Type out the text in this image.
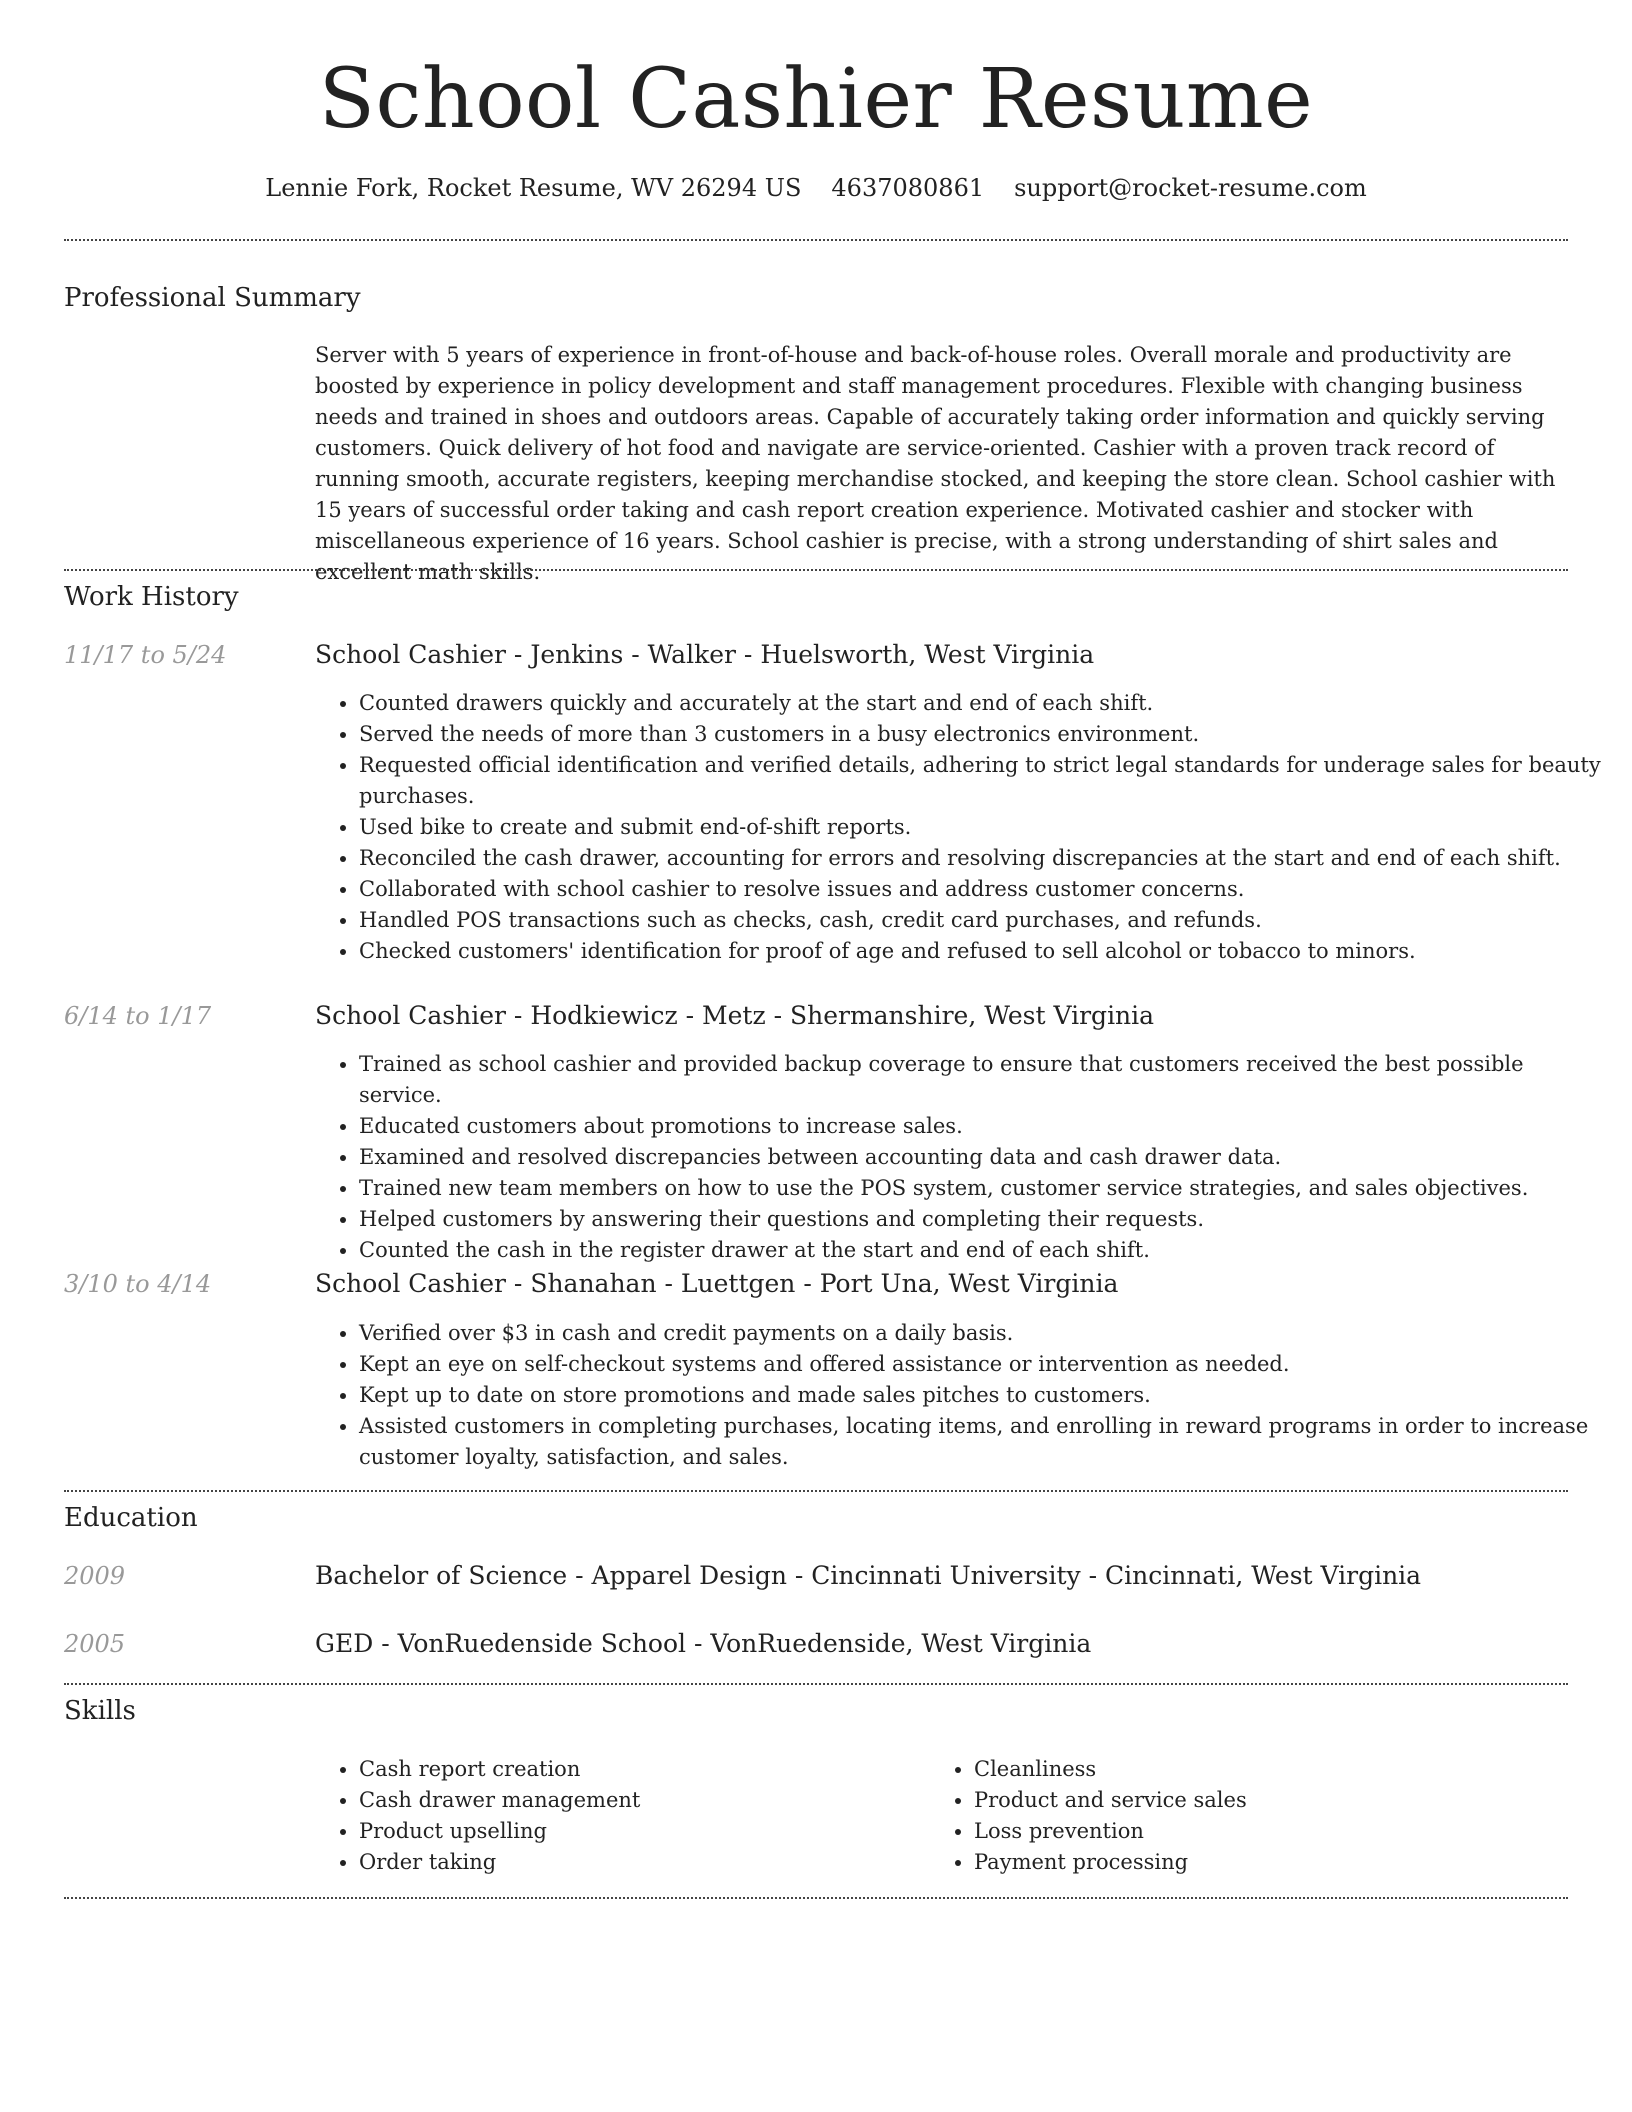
School Cashier Resume
Lennie Fork, Rocket Resume, WV 26294 US 4637080861 support@rocket-resume.com
Professional Summary

Server with 5 years of experience in front-of-house and back-of-house roles. Overall morale and productivity are boosted by experience in policy development and staff management procedures. Flexible with changing business needs and trained in shoes and outdoors areas. Capable of accurately taking order information and quickly serving customers. Quick delivery of hot food and navigate are service-oriented. Cashier with a proven track record of running smooth, accurate registers, keeping merchandise stocked, and keeping the store clean. School cashier with 15 years of successful order taking and cash report creation experience. Motivated cashier and stocker with miscellaneous experience of 16 years. School cashier is precise, with a strong understanding of shirt sales and excellent math skills.

Work History
11/17 to 5/24	School Cashier - Jenkins - Walker - Huelsworth, West Virginia
• Counted drawers quickly and accurately at the start and end of each shift.
• Served the needs of more than 3 customers in a busy electronics environment.
• Requested official identification and verified details, adhering to strict legal standards for underage sales for beauty purchases.
• Used bike to create and submit end-of-shift reports.
• Reconciled the cash drawer, accounting for errors and resolving discrepancies at the start and end of each shift.
• Collaborated with school cashier to resolve issues and address customer concerns.
• Handled POS transactions such as checks, cash, credit card purchases, and refunds.
• Checked customers' identification for proof of age and refused to sell alcohol or tobacco to minors.
6/14 to 1/17	School Cashier - Hodkiewicz - Metz - Shermanshire, West Virginia
• Trained as school cashier and provided backup coverage to ensure that customers received the best possible service.
• Educated customers about promotions to increase sales.
• Examined and resolved discrepancies between accounting data and cash drawer data.
• Trained new team members on how to use the POS system, customer service strategies, and sales objectives.
• Helped customers by answering their questions and completing their requests.
• Counted the cash in the register drawer at the start and end of each shift.
3/10 to 4/14	School Cashier - Shanahan - Luettgen - Port Una, West Virginia
• Verified over $3 in cash and credit payments on a daily basis.
• Kept an eye on self-checkout systems and offered assistance or intervention as needed.
• Kept up to date on store promotions and made sales pitches to customers.
• Assisted customers in completing purchases, locating items, and enrolling in reward programs in order to increase customer loyalty, satisfaction, and sales.
Education
2009	Bachelor of Science - Apparel Design - Cincinnati University - Cincinnati, West Virginia
2005	GED - VonRuedenside School - VonRuedenside, West Virginia
Skills
• Cash report creation
• Cash drawer management
• Product upselling
• Order taking
• Cleanliness
• Product and service sales
• Loss prevention
• Payment processing
